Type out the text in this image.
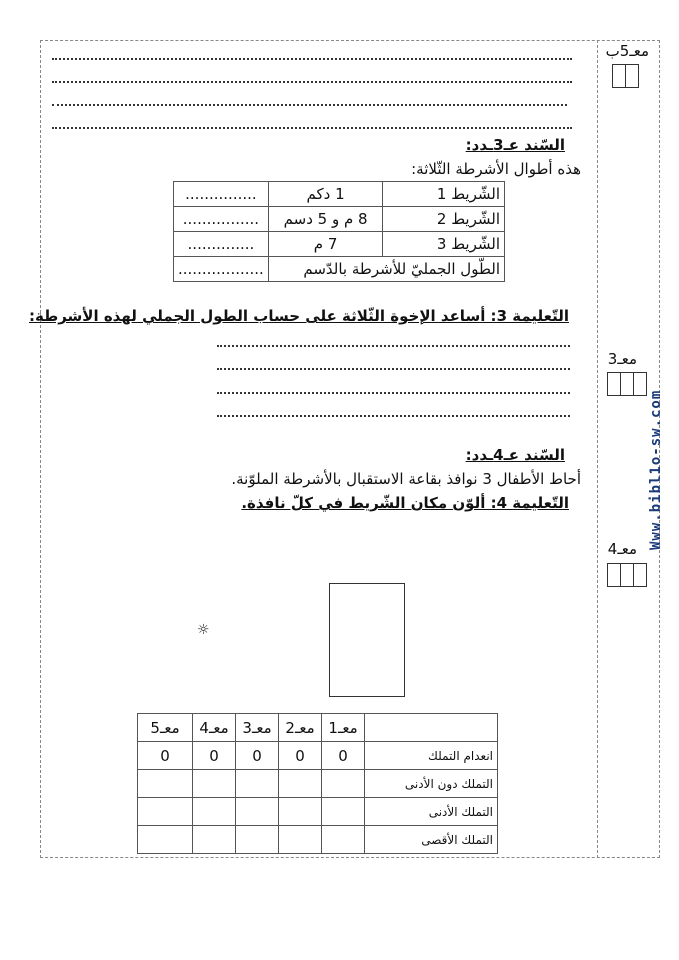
معـ5ب
معـ3
معـ4 Www.bibl1o-sw.com
السّند عـ3ـدد:
هذه أطوال الأشرطة الثّلاثة:
الشّريط 1	1 دكم	...............
الشّريط 2	8 م و 5 دسم	................
الشّريط 3	7 م	..............
الطّول الجمليّ للأشرطة بالدّسم		..................
التّعليمة 3: أساعد الإخوة الثّلاثة على حساب الطول الجملي لهذه الأشرطة:
السّند عـ4ـدد:
أحاط الأطفال 3 نوافذ بقاعة الاستقبال بالأشرطة الملوّنة.
التّعليمة 4: ألوّن مكان الشّريط في كلّ نافذة.
☼
	معـ1	معـ2	معـ3	معـ4	معـ5
انعدام التملك	0	0	0	0	0
التملك دون الأدنى					
التملك الأدنى					
التملك الأقصى					
